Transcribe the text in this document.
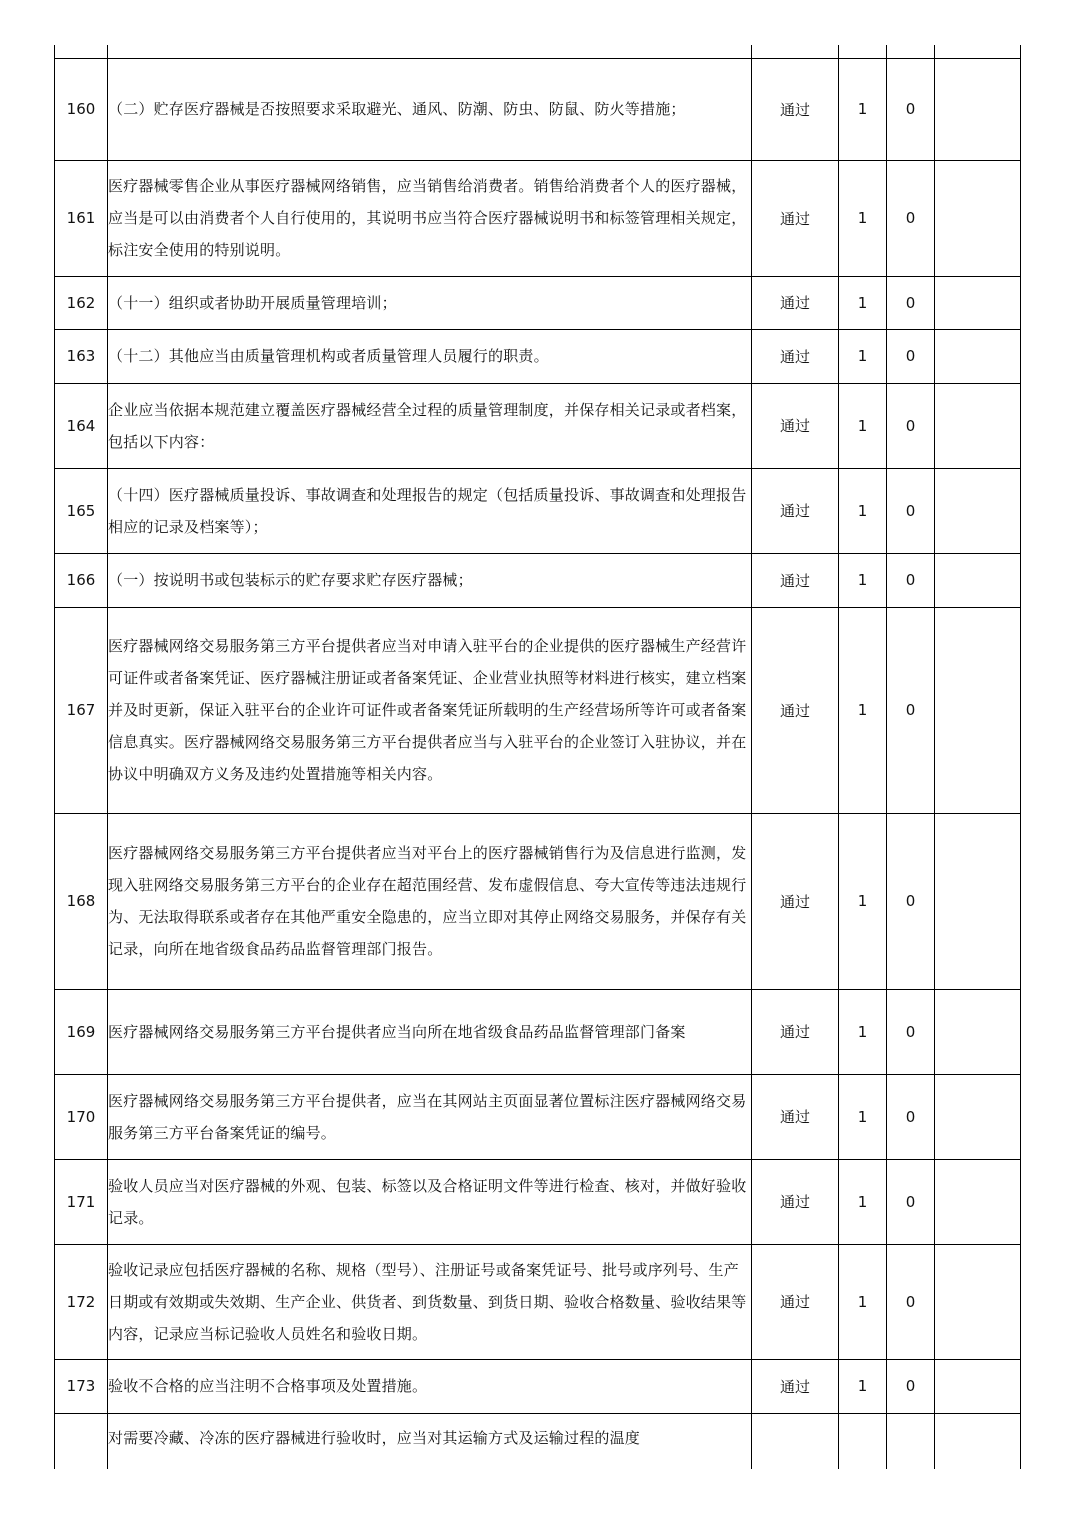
160	（二）贮存医疗器械是否按照要求采取避光、通风、防潮、防虫、防鼠、防火等措施；	通过	1	0	
161	医疗器械零售企业从事医疗器械网络销售，应当销售给消费者。销售给消费者个人的医疗器械，应当是可以由消费者个人自行使用的，其说明书应当符合医疗器械说明书和标签管理相关规定，标注安全使用的特别说明。	通过	1	0	
162	（十一）组织或者协助开展质量管理培训；	通过	1	0	
163	（十二）其他应当由质量管理机构或者质量管理人员履行的职责。	通过	1	0	
164	企业应当依据本规范建立覆盖医疗器械经营全过程的质量管理制度，并保存相关记录或者档案，包括以下内容：	通过	1	0	
165	（十四）医疗器械质量投诉、事故调查和处理报告的规定（包括质量投诉、事故调查和处理报告相应的记录及档案等）；	通过	1	0	
166	（一）按说明书或包装标示的贮存要求贮存医疗器械；	通过	1	0	
167	医疗器械网络交易服务第三方平台提供者应当对申请入驻平台的企业提供的医疗器械生产经营许可证件或者备案凭证、医疗器械注册证或者备案凭证、企业营业执照等材料进行核实，建立档案并及时更新，保证入驻平台的企业许可证件或者备案凭证所载明的生产经营场所等许可或者备案信息真实。医疗器械网络交易服务第三方平台提供者应当与入驻平台的企业签订入驻协议，并在协议中明确双方义务及违约处置措施等相关内容。	通过	1	0	
168	医疗器械网络交易服务第三方平台提供者应当对平台上的医疗器械销售行为及信息进行监测，发现入驻网络交易服务第三方平台的企业存在超范围经营、发布虚假信息、夸大宣传等违法违规行为、无法取得联系或者存在其他严重安全隐患的，应当立即对其停止网络交易服务，并保存有关记录，向所在地省级食品药品监督管理部门报告。	通过	1	0	
169	医疗器械网络交易服务第三方平台提供者应当向所在地省级食品药品监督管理部门备案	通过	1	0	
170	医疗器械网络交易服务第三方平台提供者，应当在其网站主页面显著位置标注医疗器械网络交易服务第三方平台备案凭证的编号。	通过	1	0	
171	验收人员应当对医疗器械的外观、包装、标签以及合格证明文件等进行检查、核对，并做好验收记录。	通过	1	0	
172	验收记录应包括医疗器械的名称、规格（型号）、注册证号或备案凭证号、批号或序列号、生产日期或有效期或失效期、生产企业、供货者、到货数量、到货日期、验收合格数量、验收结果等内容，记录应当标记验收人员姓名和验收日期。	通过	1	0	
173	验收不合格的应当注明不合格事项及处置措施。	通过	1	0	
	对需要冷藏、冷冻的医疗器械进行验收时，应当对其运输方式及运输过程的温度				
